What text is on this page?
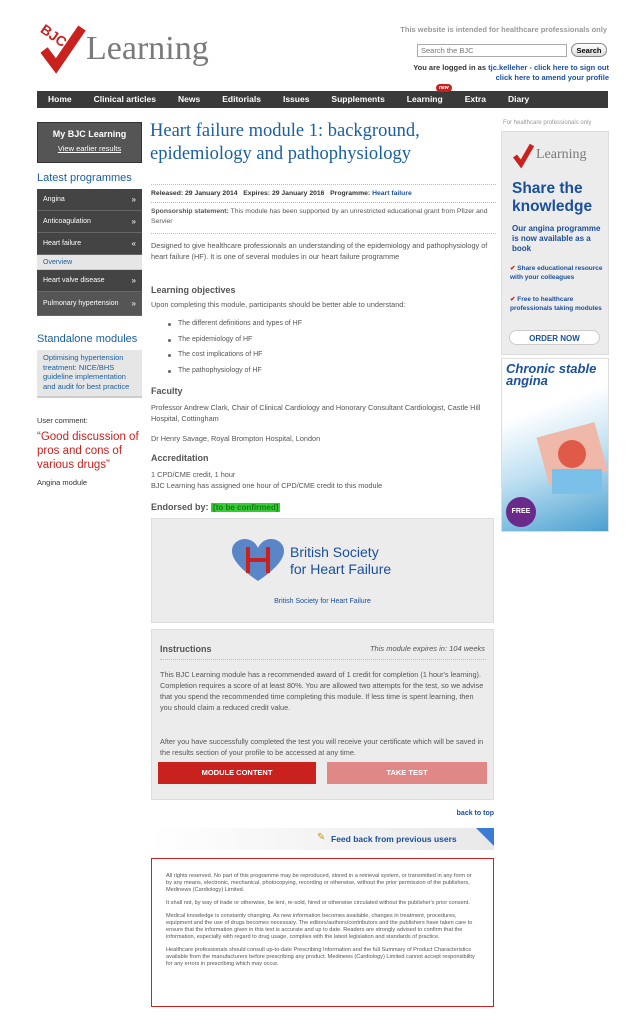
BJC Learning
This website is intended for healthcare professionals only
Search the BJC
Search
You are logged in as tjc.kelleher - click here to sign out
click here to amend your profile
Home	Clinical articles	News	Editorials	Issues	Supplements	Learning
new
Extra	Diary
My BJC Learning
View earlier results
Latest programmes
Angina	»
Anticoagulation	»
Heart failure	«
Overview
Heart valve disease	»
Pulmonary hypertension »
Standalone modules
Optimising hypertension treatment: NICE/BHS guideline implementation and audit for best practice
User comment:
“Good discussion of pros and cons of various drugs”
Angina module
Heart failure module 1: background, epidemiology and pathophysiology
Released: 29 January 2014 Expires: 29 January 2016 Programme: Heart failure
Sponsorship statement: This module has been supported by an unrestricted educational grant from Pfizer and Servier
Designed to give healthcare professionals an understanding of the epidemiology and pathophysiology of heart failure (HF). It is one of several modules in our heart failure programme
Learning objectives
Upon completing this module, participants should be better able to understand:
The different definitions and types of HF
The epidemiology of HF
The cost implications of HF
The pathophysiology of HF
Faculty
Professor Andrew Clark, Chair of Clinical Cardiology and Honorary Consultant Cardiologist, Castle Hill Hospital, Cottingham
Dr Henry Savage, Royal Brompton Hospital, London
Accreditation
1 CPD/CME credit, 1 hour
BJC Learning has assigned one hour of CPD/CME credit to this module
Endorsed by: [to be confirmed]
British Society
for Heart Failure
British Society for Heart Failure
Instructions	This module expires in: 104 weeks
This BJC Learning module has a recommended award of 1 credit for completion (1 hour's learning). Completion requires a score of at least 80%. You are allowed two attempts for the test, so we advise that you spend the recommended time completing this module. If less time is spent learning, then you should claim a reduced credit value.
After you have successfully completed the test you will receive your certificate which will be saved in the results section of your profile to be accessed at any time.
MODULE CONTENT	TAKE TEST
back to top
✎ Feed back from previous users

All rights reserved. No part of this programme may be reproduced, stored in a retrieval system, or transmitted in any form or by any means, electronic, mechanical, photocopying, recording or otherwise, without the prior permission of the publishers, Medinews (Cardiology) Limited.

It shall not, by way of trade or otherwise, be lent, re-sold, hired or otherwise circulated without the publisher's prior consent.

Medical knowledge is constantly changing. As new information becomes available, changes in treatment, procedures, equipment and the use of drugs becomes necessary. The editors/authors/contributors and the publishers have taken care to ensure that the information given in this text is accurate and up to date. Readers are strongly advised to confirm that the information, especially with regard to drug usage, complies with the latest legislation and standards of practice.

Healthcare professionals should consult up-to-date Prescribing Information and the full Summary of Product Characteristics available from the manufacturers before prescribing any product. Medinews (Cardiology) Limited cannot accept responsibility for any errors in prescribing which may occur.

For healthcare professionals only
Learning
Share the knowledge
Our angina programme is now available as a book
✔ Share educational resource with your colleagues
✔ Free to healthcare professionals taking modules
ORDER NOW
Chronic stable angina
FREE
